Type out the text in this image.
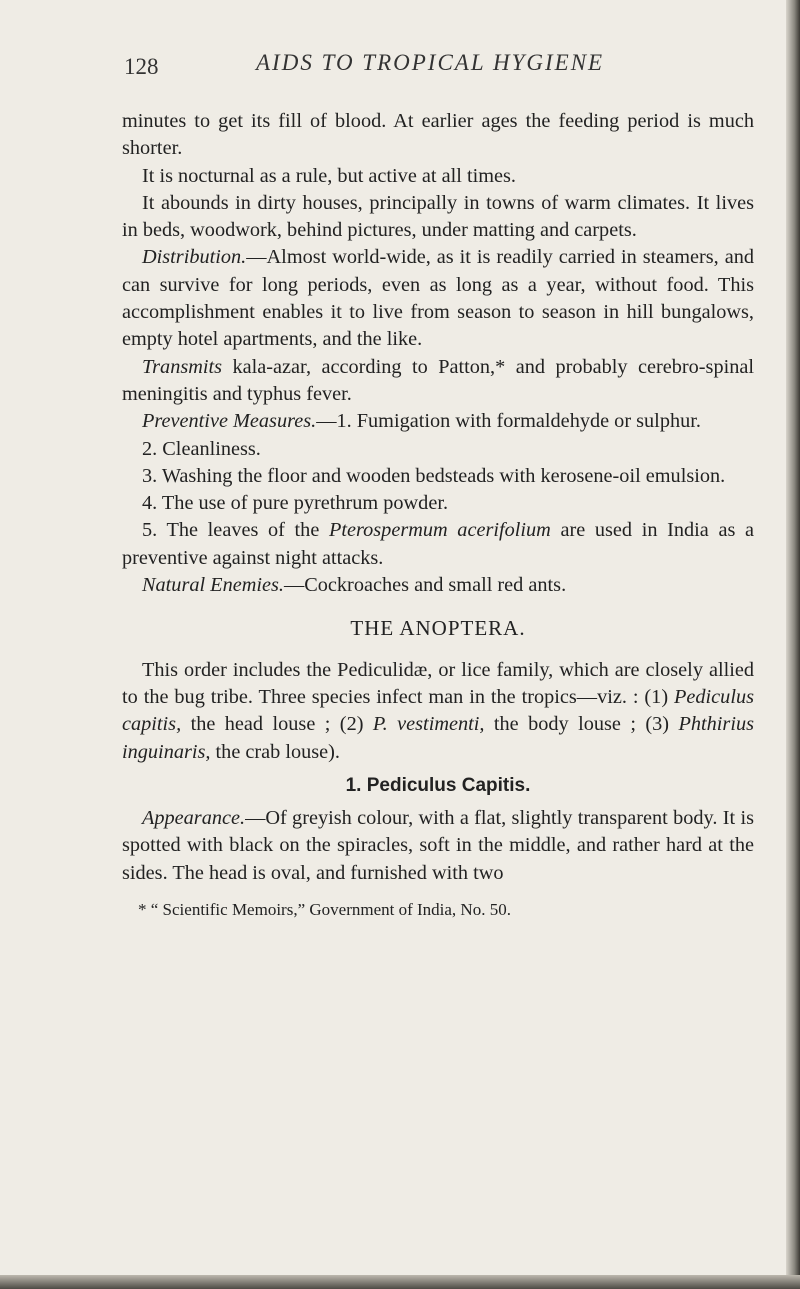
128	AIDS TO TROPICAL HYGIENE

minutes to get its fill of blood. At earlier ages the feeding period is much shorter.

It is nocturnal as a rule, but active at all times.

It abounds in dirty houses, principally in towns of warm climates. It lives in beds, woodwork, behind pictures, under matting and carpets.

Distribution.—Almost world-wide, as it is readily carried in steamers, and can survive for long periods, even as long as a year, without food. This accomplishment enables it to live from season to season in hill bungalows, empty hotel apartments, and the like.

Transmits kala-azar, according to Patton,* and probably cerebro-spinal meningitis and typhus fever.

Preventive Measures.—1. Fumigation with formaldehyde or sulphur.

2. Cleanliness.

3. Washing the floor and wooden bedsteads with kerosene-oil emulsion.

4. The use of pure pyrethrum powder.

5. The leaves of the Pterospermum acerifolium are used in India as a preventive against night attacks.

Natural Enemies.—Cockroaches and small red ants.

THE ANOPTERA.

This order includes the Pediculidæ, or lice family, which are closely allied to the bug tribe. Three species infect man in the tropics—viz. : (1) Pediculus capitis, the head louse ; (2) P. vestimenti, the body louse ; (3) Phthirius inguinaris, the crab louse).

1. Pediculus Capitis.

Appearance.—Of greyish colour, with a flat, slightly transparent body. It is spotted with black on the spiracles, soft in the middle, and rather hard at the sides. The head is oval, and furnished with two

* “ Scientific Memoirs,” Government of India, No. 50.
